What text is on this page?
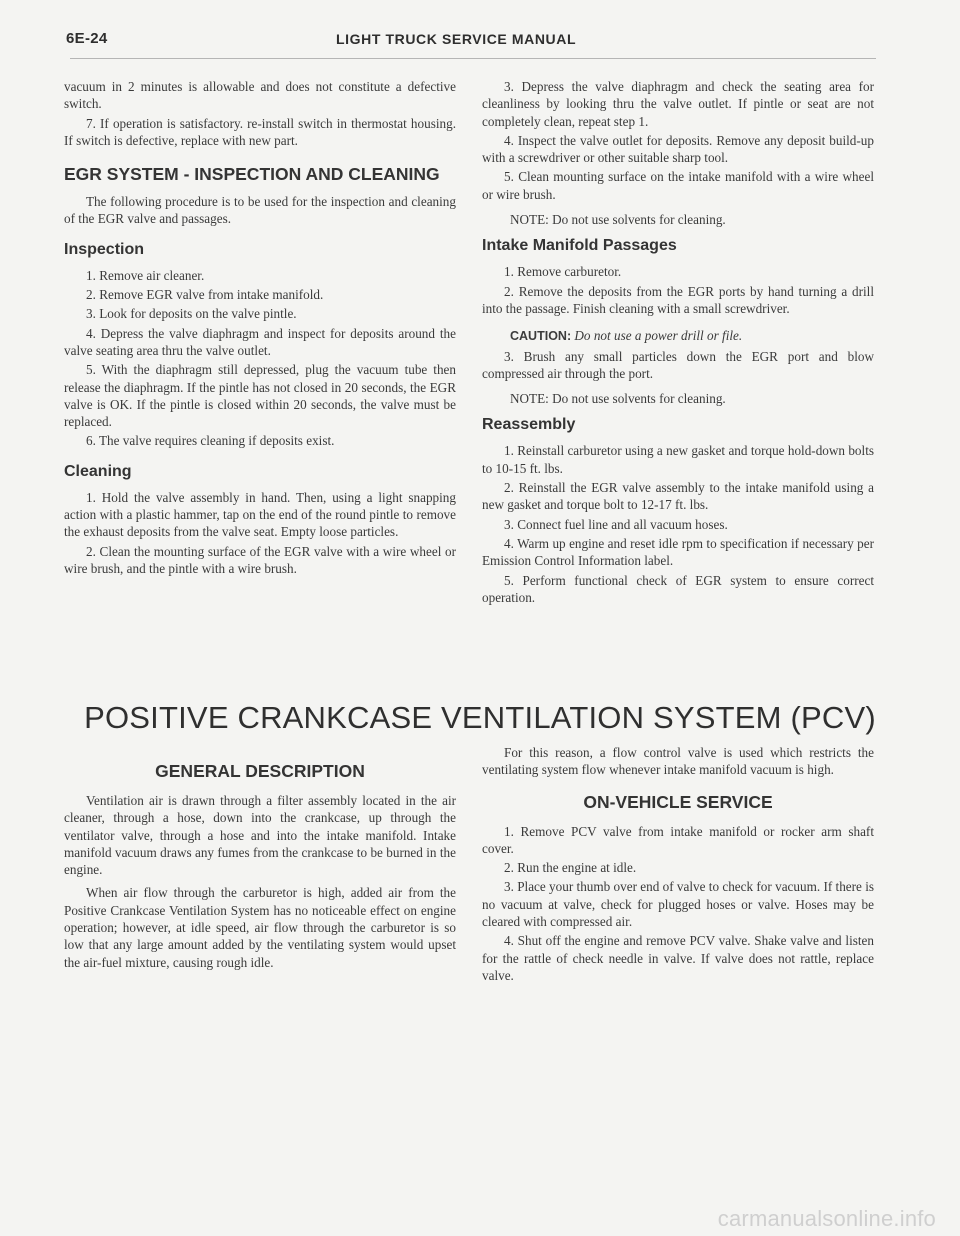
6E-24	LIGHT TRUCK SERVICE MANUAL

vacuum in 2 minutes is allowable and does not constitute a defective switch.

7. If operation is satisfactory. re-install switch in thermostat housing. If switch is defective, replace with new part.

EGR SYSTEM - INSPECTION AND CLEANING

The following procedure is to be used for the inspection and cleaning of the EGR valve and passages.

Inspection

1. Remove air cleaner.

2. Remove EGR valve from intake manifold.

3. Look for deposits on the valve pintle.

4. Depress the valve diaphragm and inspect for deposits around the valve seating area thru the valve outlet.

5. With the diaphragm still depressed, plug the vacuum tube then release the diaphragm. If the pintle has not closed in 20 seconds, the EGR valve is OK. If the pintle is closed within 20 seconds, the valve must be replaced.

6. The valve requires cleaning if deposits exist.

Cleaning

1. Hold the valve assembly in hand. Then, using a light snapping action with a plastic hammer, tap on the end of the round pintle to remove the exhaust deposits from the valve seat. Empty loose particles.

2. Clean the mounting surface of the EGR valve with a wire wheel or wire brush, and the pintle with a wire brush.

3. Depress the valve diaphragm and check the seating area for cleanliness by looking thru the valve outlet. If pintle or seat are not completely clean, repeat step 1.

4. Inspect the valve outlet for deposits. Remove any deposit build-up with a screwdriver or other suitable sharp tool.

5. Clean mounting surface on the intake manifold with a wire wheel or wire brush.

NOTE: Do not use solvents for cleaning.

Intake Manifold Passages

1. Remove carburetor.

2. Remove the deposits from the EGR ports by hand turning a drill into the passage. Finish cleaning with a small screwdriver.

CAUTION: Do not use a power drill or file.

3. Brush any small particles down the EGR port and blow compressed air through the port.

NOTE: Do not use solvents for cleaning.

Reassembly

1. Reinstall carburetor using a new gasket and torque hold-down bolts to 10-15 ft. lbs.

2. Reinstall the EGR valve assembly to the intake manifold using a new gasket and torque bolt to 12-17 ft. lbs.

3. Connect fuel line and all vacuum hoses.

4. Warm up engine and reset idle rpm to specification if necessary per Emission Control Information label.

5. Perform functional check of EGR system to ensure correct operation.

POSITIVE CRANKCASE VENTILATION SYSTEM (PCV)
GENERAL DESCRIPTION

Ventilation air is drawn through a filter assembly located in the air cleaner, through a hose, down into the crankcase, up through the ventilator valve, through a hose and into the intake manifold. Intake manifold vacuum draws any fumes from the crankcase to be burned in the engine.

When air flow through the carburetor is high, added air from the Positive Crankcase Ventilation System has no noticeable effect on engine operation; however, at idle speed, air flow through the carburetor is so low that any large amount added by the ventilating system would upset the air-fuel mixture, causing rough idle.

For this reason, a flow control valve is used which restricts the ventilating system flow whenever intake manifold vacuum is high.

ON-VEHICLE SERVICE

1. Remove PCV valve from intake manifold or rocker arm shaft cover.

2. Run the engine at idle.

3. Place your thumb over end of valve to check for vacuum. If there is no vacuum at valve, check for plugged hoses or valve. Hoses may be cleared with compressed air.

4. Shut off the engine and remove PCV valve. Shake valve and listen for the rattle of check needle in valve. If valve does not rattle, replace valve.

carmanualsonline.info
